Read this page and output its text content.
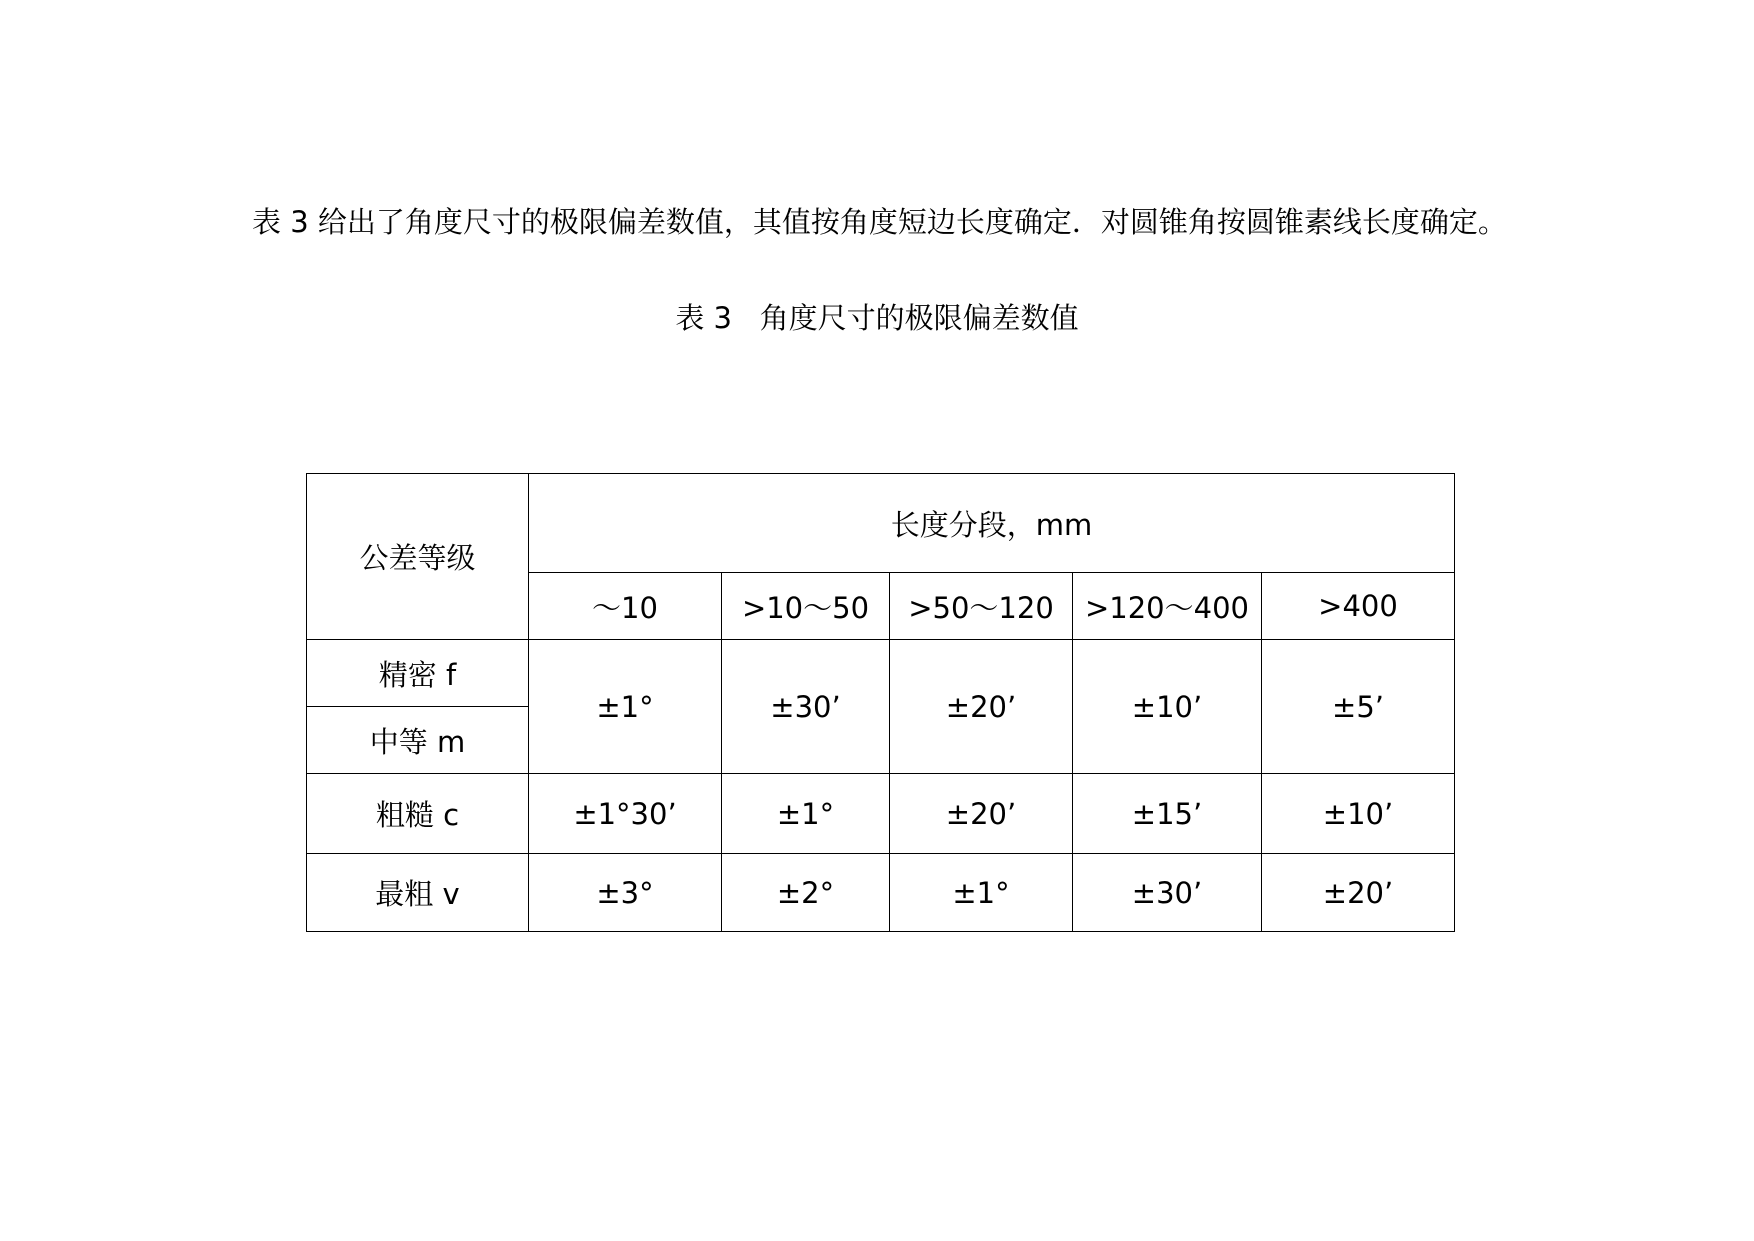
表 3 给出了角度尺寸的极限偏差数值，其值按角度短边长度确定．对圆锥角按圆锥素线长度确定。
表 3   角度尺寸的极限偏差数值
公差等级	长度分段，mm				
	～10	>10～50	>50～120	>120～400	>400
精密 f	±1°	±30’	±20’	±10’	±5’
中等 m					
粗糙 c	±1°30’	±1°	±20’	±15’	±10’
最粗 v	±3°	±2°	±1°	±30’	±20’
